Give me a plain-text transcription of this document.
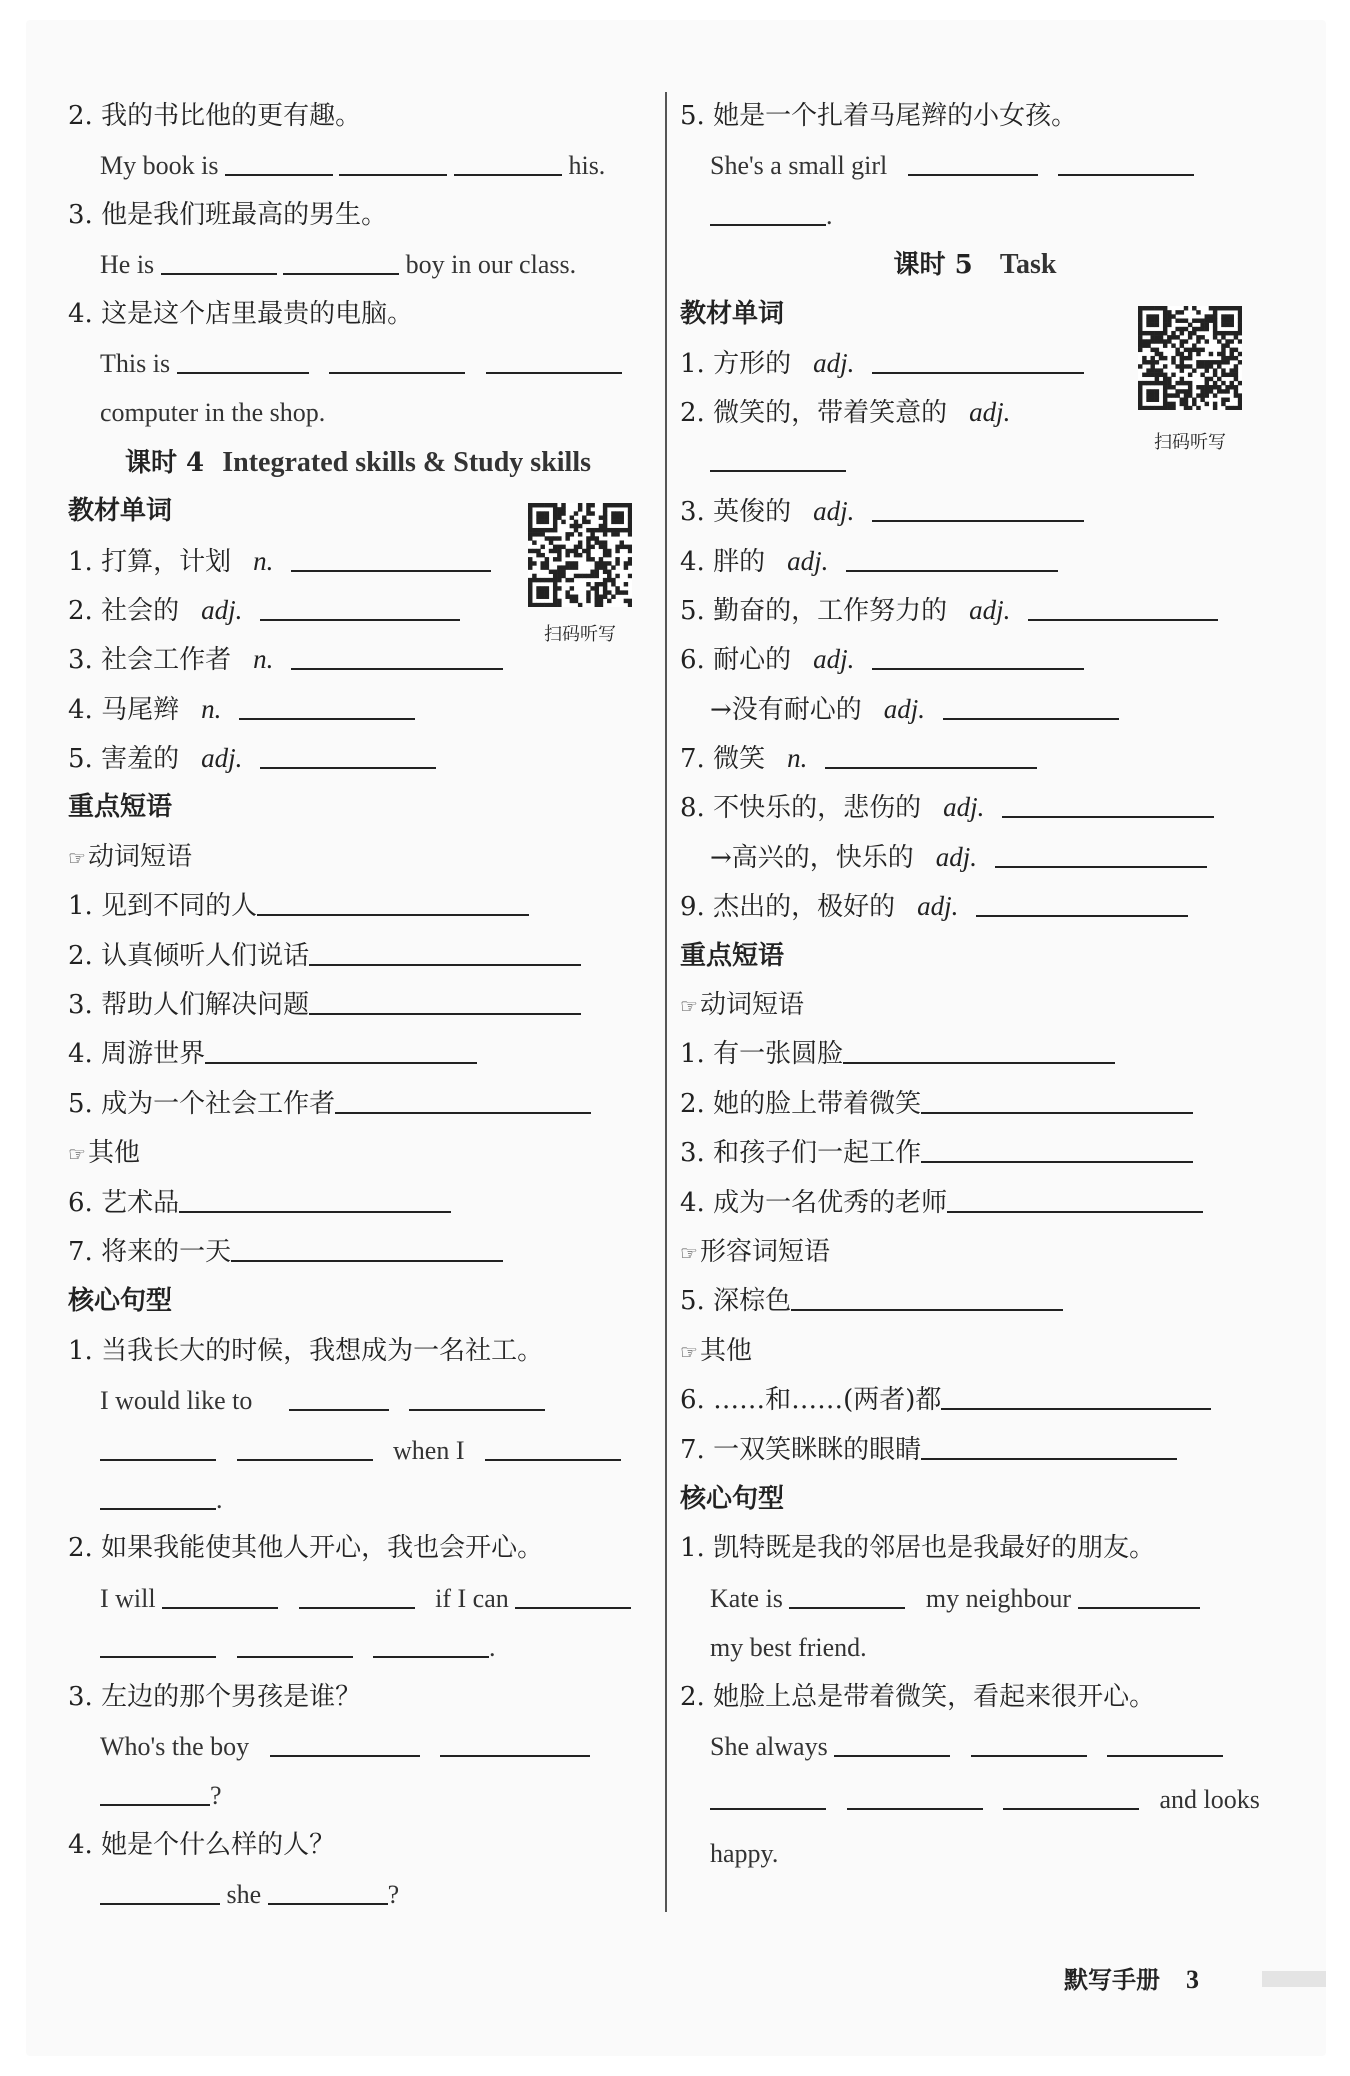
2. 我的书比他的更有趣。
My book is	his.
3. 他是我们班最高的男生。
He is	boy in our class.
4. 这是这个店里最贵的电脑。
This is
computer in the shop.
课时 4 Integrated skills & Study skills
教材单词
1. 打算，计划 n.
2. 社会的 adj.
3. 社会工作者 n.
4. 马尾辫 n.
5. 害羞的 adj.
重点短语
☞动词短语
1. 见到不同的人
2. 认真倾听人们说话
3. 帮助人们解决问题
4. 周游世界
5. 成为一个社会工作者
☞其他
6. 艺术品
7. 将来的一天
核心句型
1. 当我长大的时候，我想成为一名社工。
I would like to
when I
.
2. 如果我能使其他人开心，我也会开心。
I will	if I can
.
3. 左边的那个男孩是谁？
Who's the boy
?
4. 她是个什么样的人？
she	?
扫码听写
5. 她是一个扎着马尾辫的小女孩。
She's a small girl
.
课时 5 Task
教材单词
1. 方形的 adj.
2. 微笑的，带着笑意的 adj.
3. 英俊的 adj.
4. 胖的 adj.
5. 勤奋的，工作努力的 adj.
6. 耐心的 adj.
→没有耐心的 adj.
7. 微笑 n.
8. 不快乐的，悲伤的 adj.
→高兴的，快乐的 adj.
9. 杰出的，极好的 adj.
重点短语
☞动词短语
1. 有一张圆脸
2. 她的脸上带着微笑
3. 和孩子们一起工作
4. 成为一名优秀的老师
☞形容词短语
5. 深棕色
☞其他
6. ……和……(两者)都
7. 一双笑眯眯的眼睛
核心句型
1. 凯特既是我的邻居也是我最好的朋友。
Kate is	my neighbour
my best friend.
2. 她脸上总是带着微笑，看起来很开心。
She always
and looks
happy.
扫码听写
默写手册 3
